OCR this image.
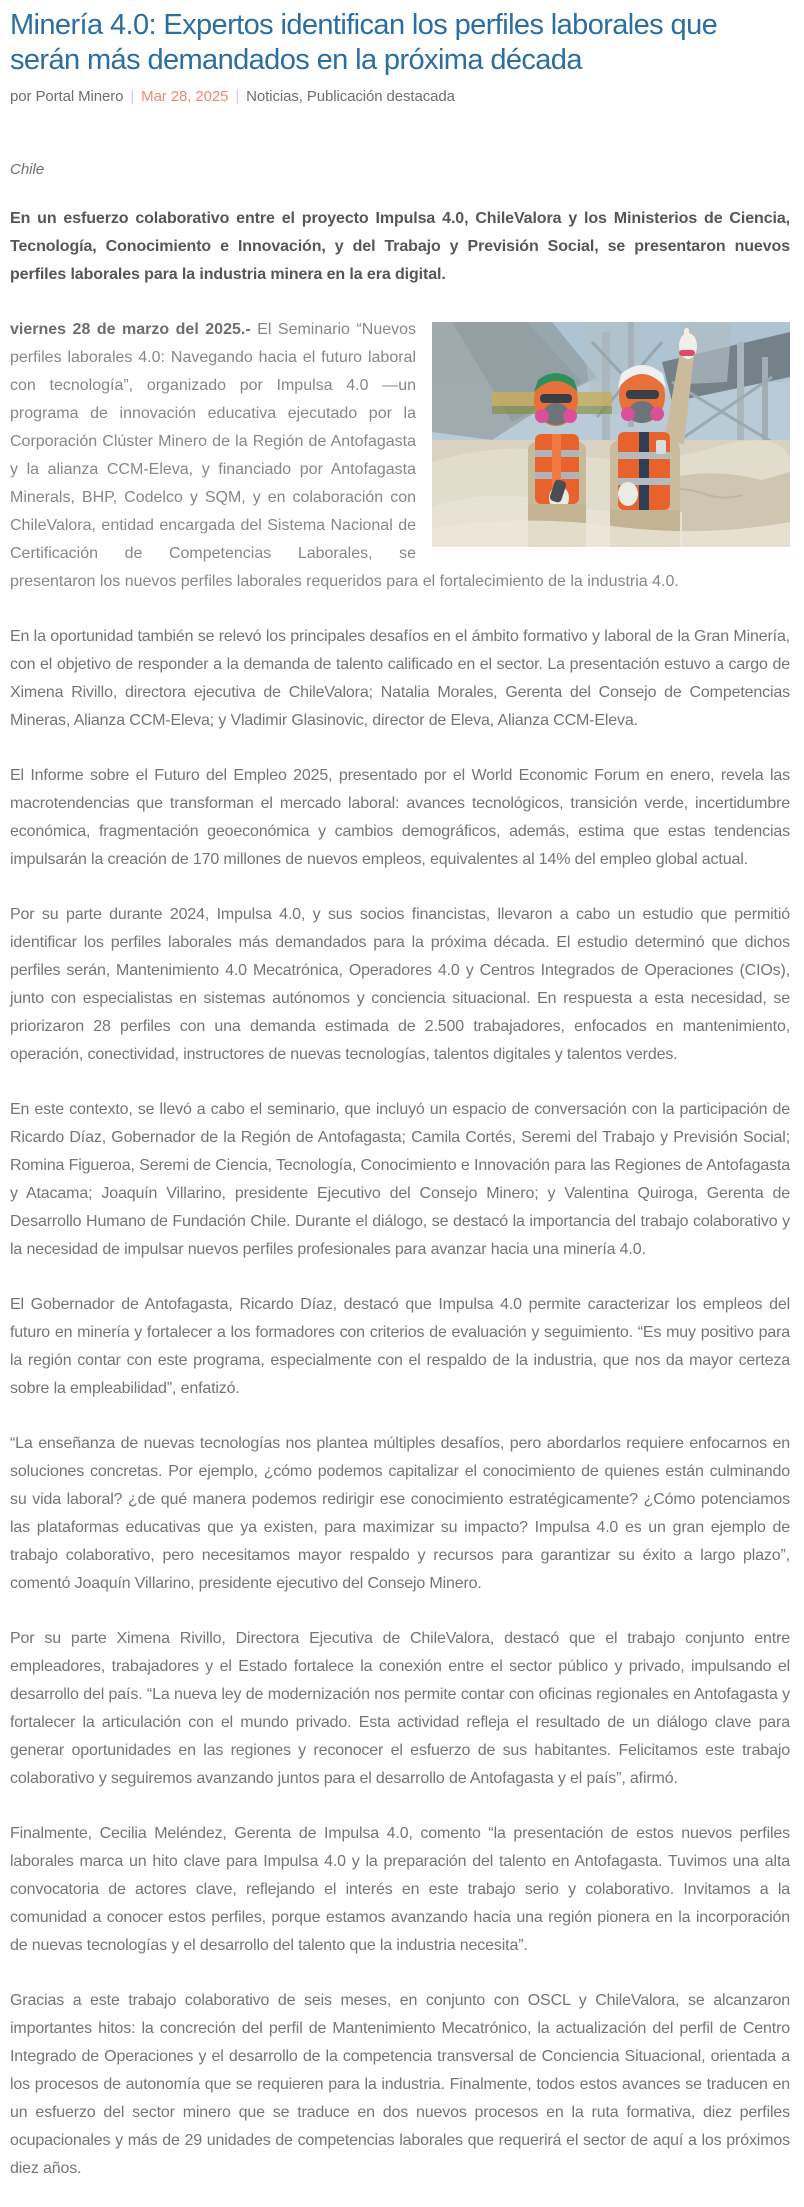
Minería 4.0: Expertos identifican los perfiles laborales que serán más demandados en la próxima década
por Portal Minero | Mar 28, 2025 | Noticias, Publicación destacada
Chile

En un esfuerzo colaborativo entre el proyecto Impulsa 4.0, ChileValora y los Ministerios de Ciencia, Tecnología, Conocimiento e Innovación, y del Trabajo y Previsión Social, se presentaron nuevos perfiles laborales para la industria minera en la era digital.

viernes 28 de marzo del 2025.- El Seminario “Nuevos perfiles laborales 4.0: Navegando hacia el futuro laboral con tecnología”, organizado por Impulsa 4.0 —un programa de innovación educativa ejecutado por la Corporación Clúster Minero de la Región de Antofagasta y la alianza CCM-Eleva, y financiado por Antofagasta Minerals, BHP, Codelco y SQM, y en colaboración con ChileValora, entidad encargada del Sistema Nacional de Certificación de Competencias Laborales, se presentaron los nuevos perfiles laborales requeridos para el fortalecimiento de la industria 4.0.

En la oportunidad también se relevó los principales desafíos en el ámbito formativo y laboral de la Gran Minería, con el objetivo de responder a la demanda de talento calificado en el sector. La presentación estuvo a cargo de Ximena Rivillo, directora ejecutiva de ChileValora; Natalia Morales, Gerenta del Consejo de Competencias Mineras, Alianza CCM-Eleva; y Vladimir Glasinovic, director de Eleva, Alianza CCM-Eleva.

El Informe sobre el Futuro del Empleo 2025, presentado por el World Economic Forum en enero, revela las macrotendencias que transforman el mercado laboral: avances tecnológicos, transición verde, incertidumbre económica, fragmentación geoeconómica y cambios demográficos, además, estima que estas tendencias impulsarán la creación de 170 millones de nuevos empleos, equivalentes al 14% del empleo global actual.

Por su parte durante 2024, Impulsa 4.0, y sus socios financistas, llevaron a cabo un estudio que permitió identificar los perfiles laborales más demandados para la próxima década. El estudio determinó que dichos perfiles serán, Mantenimiento 4.0 Mecatrónica, Operadores 4.0 y Centros Integrados de Operaciones (CIOs), junto con especialistas en sistemas autónomos y conciencia situacional. En respuesta a esta necesidad, se priorizaron 28 perfiles con una demanda estimada de 2.500 trabajadores, enfocados en mantenimiento, operación, conectividad, instructores de nuevas tecnologías, talentos digitales y talentos verdes.

En este contexto, se llevó a cabo el seminario, que incluyó un espacio de conversación con la participación de Ricardo Díaz, Gobernador de la Región de Antofagasta; Camila Cortés, Seremi del Trabajo y Previsión Social; Romina Figueroa, Seremi de Ciencia, Tecnología, Conocimiento e Innovación para las Regiones de Antofagasta y Atacama; Joaquín Villarino, presidente Ejecutivo del Consejo Minero; y Valentina Quiroga, Gerenta de Desarrollo Humano de Fundación Chile. Durante el diálogo, se destacó la importancia del trabajo colaborativo y la necesidad de impulsar nuevos perfiles profesionales para avanzar hacia una minería 4.0.

El Gobernador de Antofagasta, Ricardo Díaz, destacó que Impulsa 4.0 permite caracterizar los empleos del futuro en minería y fortalecer a los formadores con criterios de evaluación y seguimiento. “Es muy positivo para la región contar con este programa, especialmente con el respaldo de la industria, que nos da mayor certeza sobre la empleabilidad”, enfatizó.

“La enseñanza de nuevas tecnologías nos plantea múltiples desafíos, pero abordarlos requiere enfocarnos en soluciones concretas. Por ejemplo, ¿cómo podemos capitalizar el conocimiento de quienes están culminando su vida laboral? ¿de qué manera podemos redirigir ese conocimiento estratégicamente? ¿Cómo potenciamos las plataformas educativas que ya existen, para maximizar su impacto? Impulsa 4.0 es un gran ejemplo de trabajo colaborativo, pero necesitamos mayor respaldo y recursos para garantizar su éxito a largo plazo”, comentó Joaquín Villarino, presidente ejecutivo del Consejo Minero.

Por su parte Ximena Rivillo, Directora Ejecutiva de ChileValora, destacó que el trabajo conjunto entre empleadores, trabajadores y el Estado fortalece la conexión entre el sector público y privado, impulsando el desarrollo del país. “La nueva ley de modernización nos permite contar con oficinas regionales en Antofagasta y fortalecer la articulación con el mundo privado. Esta actividad refleja el resultado de un diálogo clave para generar oportunidades en las regiones y reconocer el esfuerzo de sus habitantes. Felicitamos este trabajo colaborativo y seguiremos avanzando juntos para el desarrollo de Antofagasta y el país”, afirmó.

Finalmente, Cecilia Meléndez, Gerenta de Impulsa 4.0, comento “la presentación de estos nuevos perfiles laborales marca un hito clave para Impulsa 4.0 y la preparación del talento en Antofagasta. Tuvimos una alta convocatoria de actores clave, reflejando el interés en este trabajo serio y colaborativo. Invitamos a la comunidad a conocer estos perfiles, porque estamos avanzando hacia una región pionera en la incorporación de nuevas tecnologías y el desarrollo del talento que la industria necesita”.

Gracias a este trabajo colaborativo de seis meses, en conjunto con OSCL y ChileValora, se alcanzaron importantes hitos: la concreción del perfil de Mantenimiento Mecatrónico, la actualización del perfil de Centro Integrado de Operaciones y el desarrollo de la competencia transversal de Conciencia Situacional, orientada a los procesos de autonomía que se requieren para la industria. Finalmente, todos estos avances se traducen en un esfuerzo del sector minero que se traduce en dos nuevos procesos en la ruta formativa, diez perfiles ocupacionales y más de 29 unidades de competencias laborales que requerirá el sector de aquí a los próximos diez años.
